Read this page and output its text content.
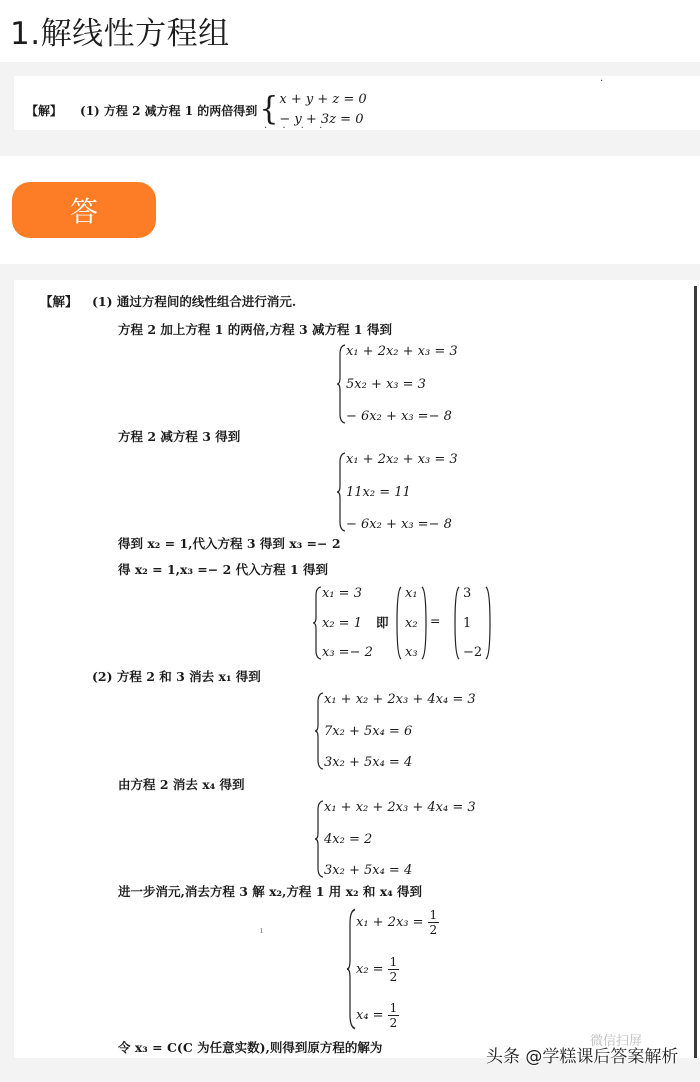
1.解线性方程组
·
【解】 (1) 方程 2 减方程 1 的两倍得到 { x + y + z = 0
− y + 3z = 0
· · · ·
答
【解】 (1) 通过方程间的线性组合进行消元.
方程 2 加上方程 1 的两倍,方程 3 减方程 1 得到
x₁ + 2x₂ + x₃ = 3
5x₂ + x₃ = 3
− 6x₂ + x₃ =− 8
方程 2 减方程 3 得到
x₁ + 2x₂ + x₃ = 3
11x₂ = 11
− 6x₂ + x₃ =− 8
得到 x₂ = 1,代入方程 3 得到 x₃ =− 2
得 x₂ = 1,x₃ =− 2 代入方程 1 得到
x₁ = 3
x₂ = 1
x₃ =− 2
即
x₁
x₂
x₃
=
3
1
−2
(2) 方程 2 和 3 消去 x₁ 得到
x₁ + x₂ + 2x₃ + 4x₄ = 3
7x₂ + 5x₄ = 6
3x₂ + 5x₄ = 4
由方程 2 消去 x₄ 得到
x₁ + x₂ + 2x₃ + 4x₄ = 3
4x₂ = 2
3x₂ + 5x₄ = 4
进一步消元,消去方程 3 解 x₂,方程 1 用 x₂ 和 x₄ 得到
ı
$x_1 + 2x_3 = \frac{1}{2}$
$x_2 = \frac{1}{2}$
$x_4 = \frac{1}{2}$
令 x₃ = C(C 为任意实数),则得到原方程的解为	微信扫屏
头条 @学糕课后答案解析
